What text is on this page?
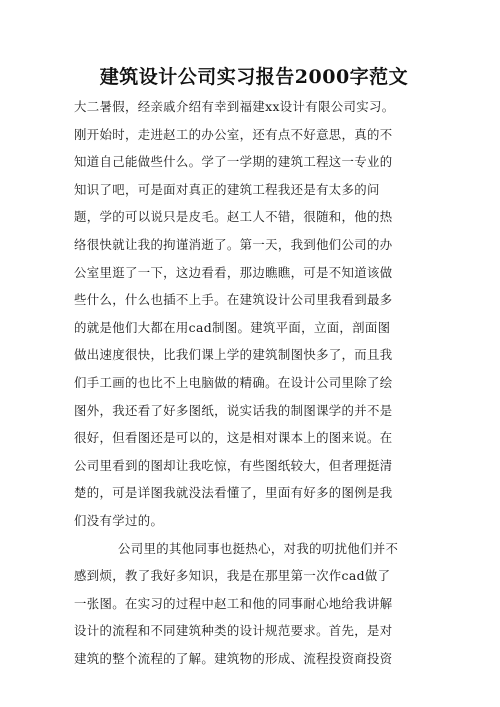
建筑设计公司实习报告2000字范文
大二暑假，经亲戚介绍有幸到福建xx设计有限公司实习。
刚开始时，走进赵工的办公室，还有点不好意思，真的不
知道自己能做些什么。学了一学期的建筑工程这一专业的
知识了吧，可是面对真正的建筑工程我还是有太多的问
题，学的可以说只是皮毛。赵工人不错，很随和，他的热
络很快就让我的拘谨消逝了。第一天，我到他们公司的办
公室里逛了一下，这边看看，那边瞧瞧，可是不知道该做
些什么，什么也插不上手。在建筑设计公司里我看到最多
的就是他们大都在用cad制图。建筑平面，立面，剖面图
做出速度很快，比我们课上学的建筑制图快多了，而且我
们手工画的也比不上电脑做的精确。在设计公司里除了绘
图外，我还看了好多图纸，说实话我的制图课学的并不是
很好，但看图还是可以的，这是相对课本上的图来说。在
公司里看到的图却让我吃惊，有些图纸较大，但者理挺清
楚的，可是详图我就没法看懂了，里面有好多的图例是我
们没有学过的。
公司里的其他同事也挺热心，对我的叨扰他们并不
感到烦，教了我好多知识，我是在那里第一次作cad做了
一张图。在实习的过程中赵工和他的同事耐心地给我讲解
设计的流程和不同建筑种类的设计规范要求。首先，是对
建筑的整个流程的了解。建筑物的形成、流程投资商投资
